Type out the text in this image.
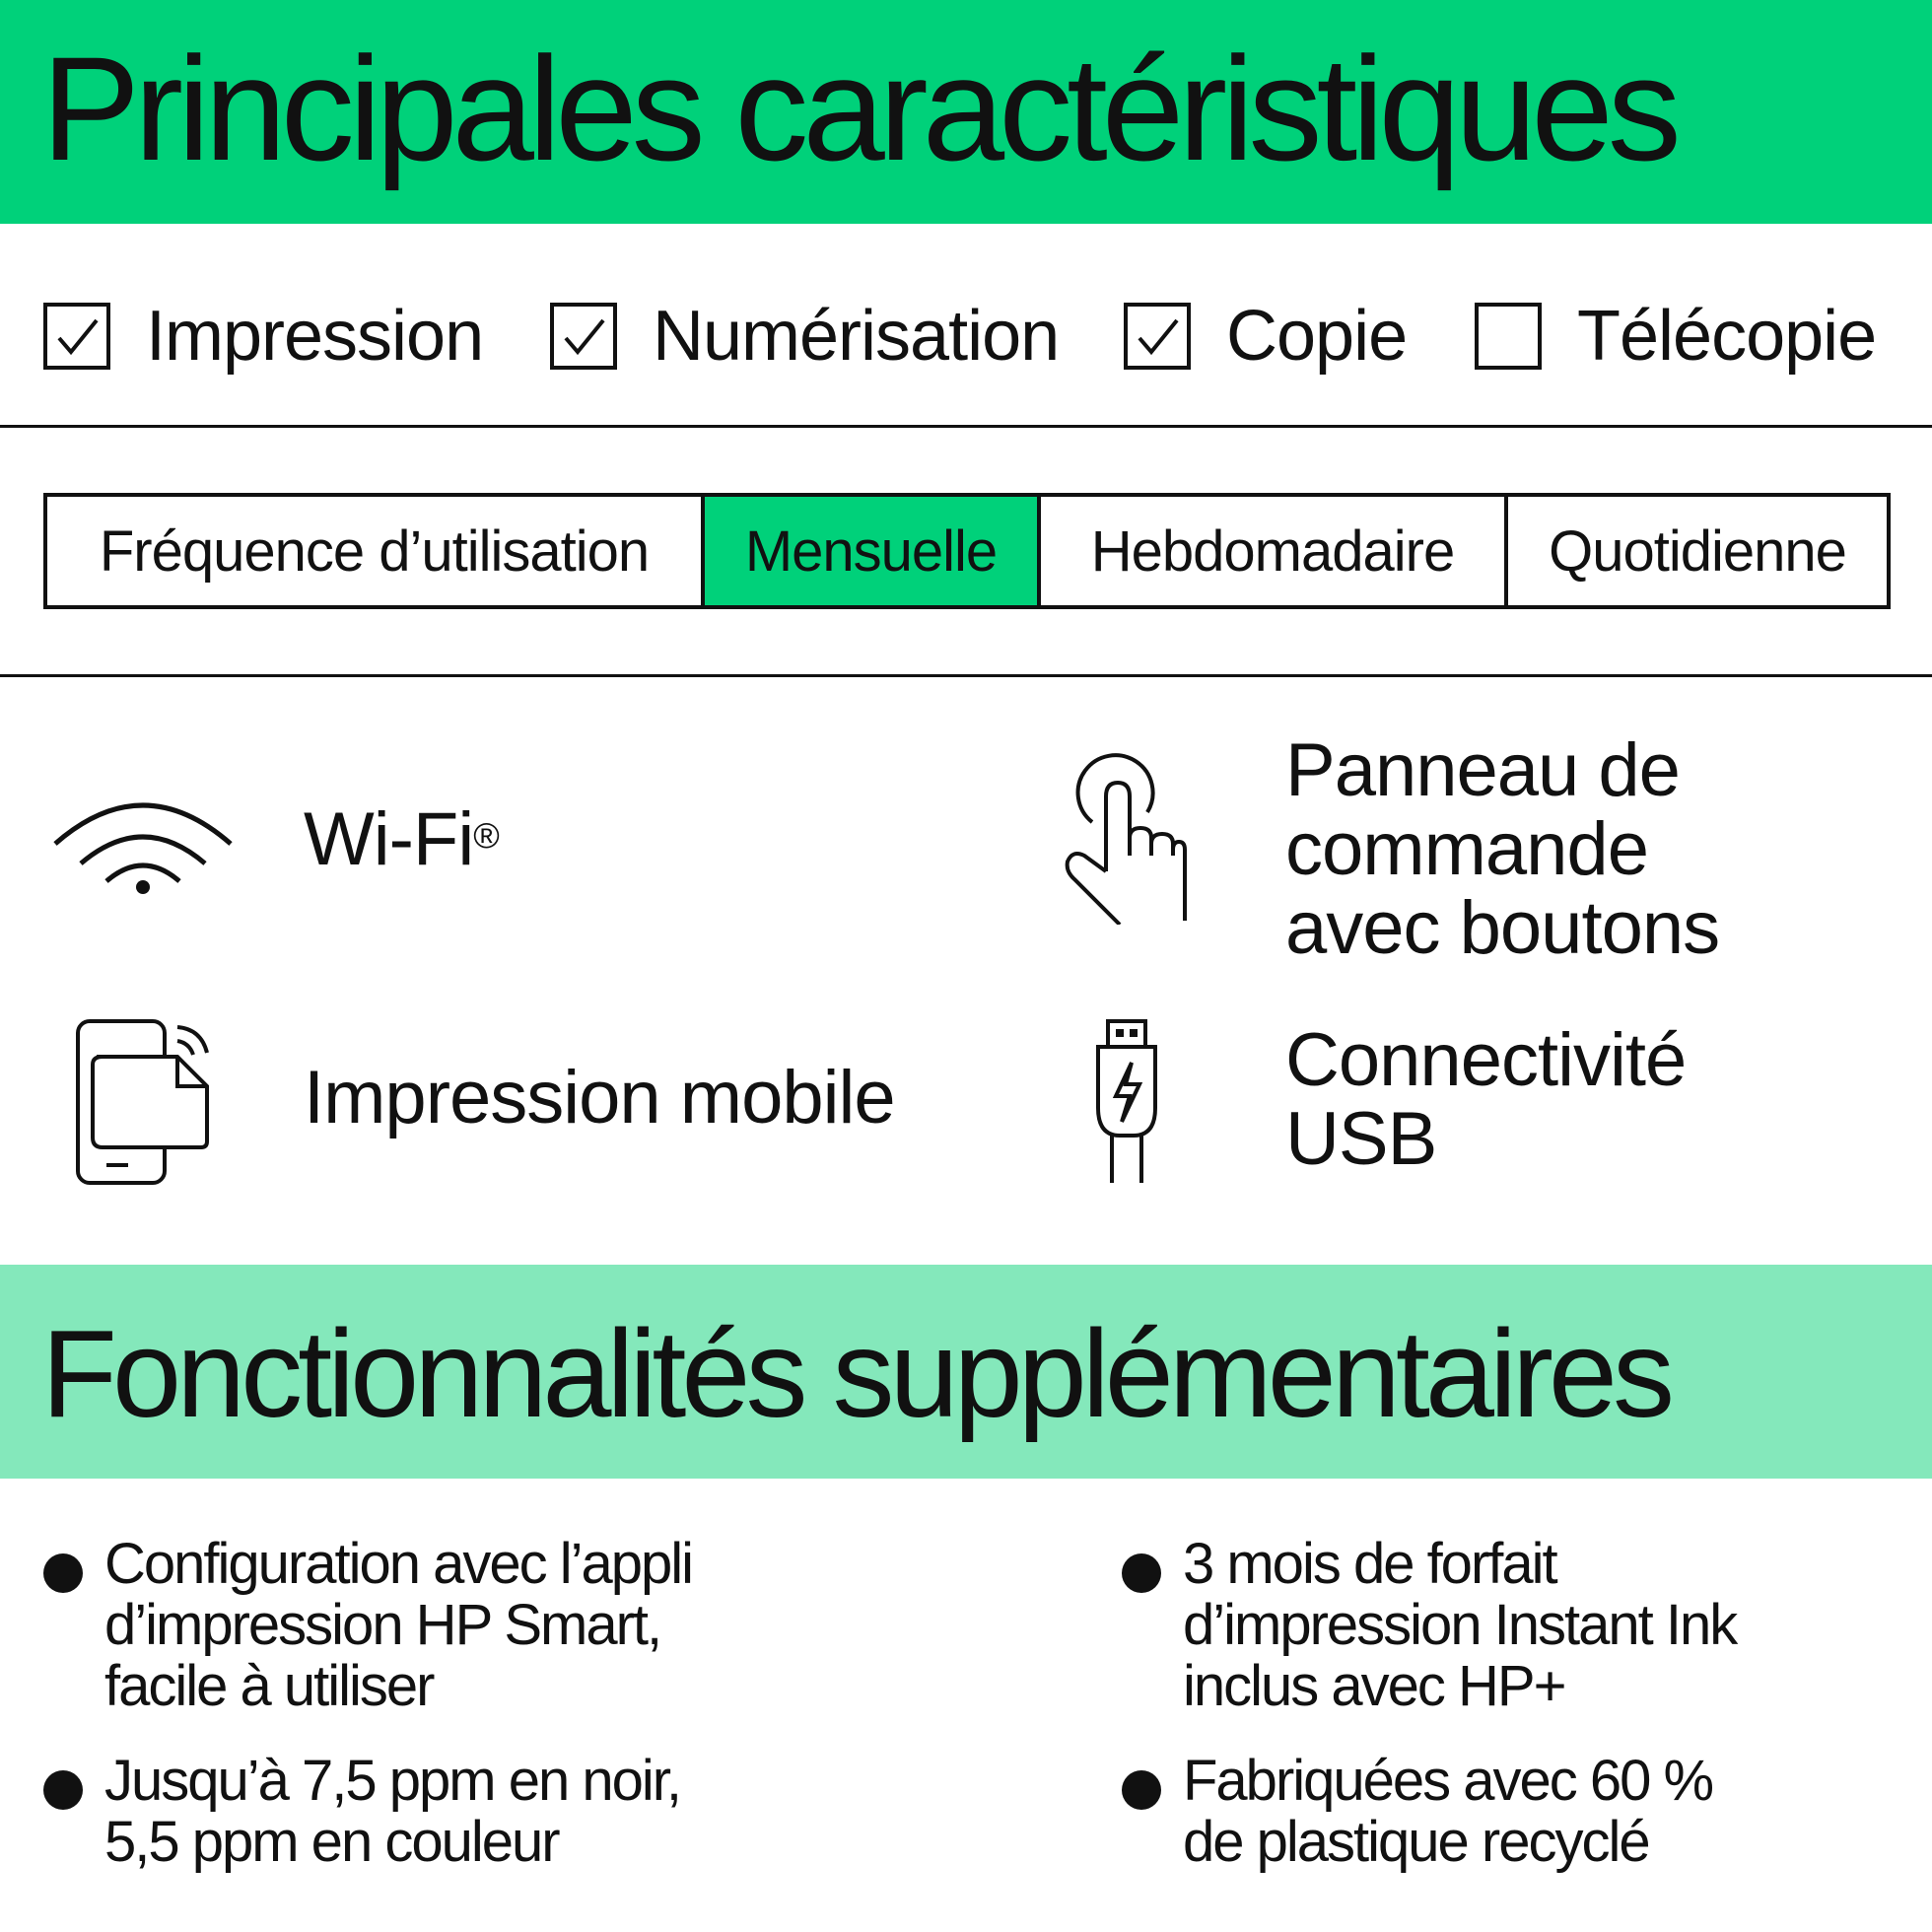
Principales caractéristiques
Impression Numérisation Copie Télécopie
Fréquence d’utilisation	Mensuelle	Hebdomadaire	Quotidienne
Wi-Fi®
Panneau de
commande
avec boutons
Impression mobile	Connectivité
USB
Fonctionnalités supplémentaires
Configuration avec l’appli
d’impression HP Smart,
facile à utiliser
Jusqu’à 7,5 ppm en noir,
5,5 ppm en couleur
3 mois de forfait
d’impression Instant Ink
inclus avec HP+
Fabriquées avec 60 %
de plastique recyclé
